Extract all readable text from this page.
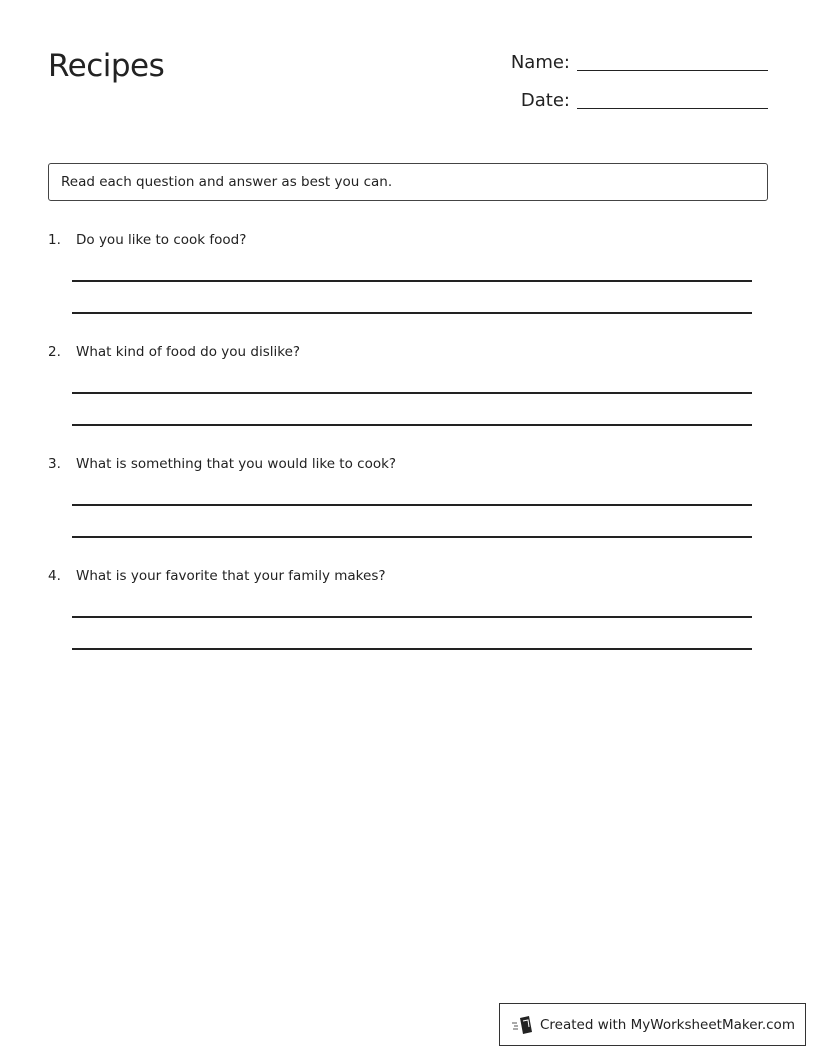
Recipes	Name:
Date:
Read each question and answer as best you can.
1. Do you like to cook food?
2. What kind of food do you dislike?
3. What is something that you would like to cook?
4. What is your favorite that your family makes?
Created with MyWorksheetMaker.com
